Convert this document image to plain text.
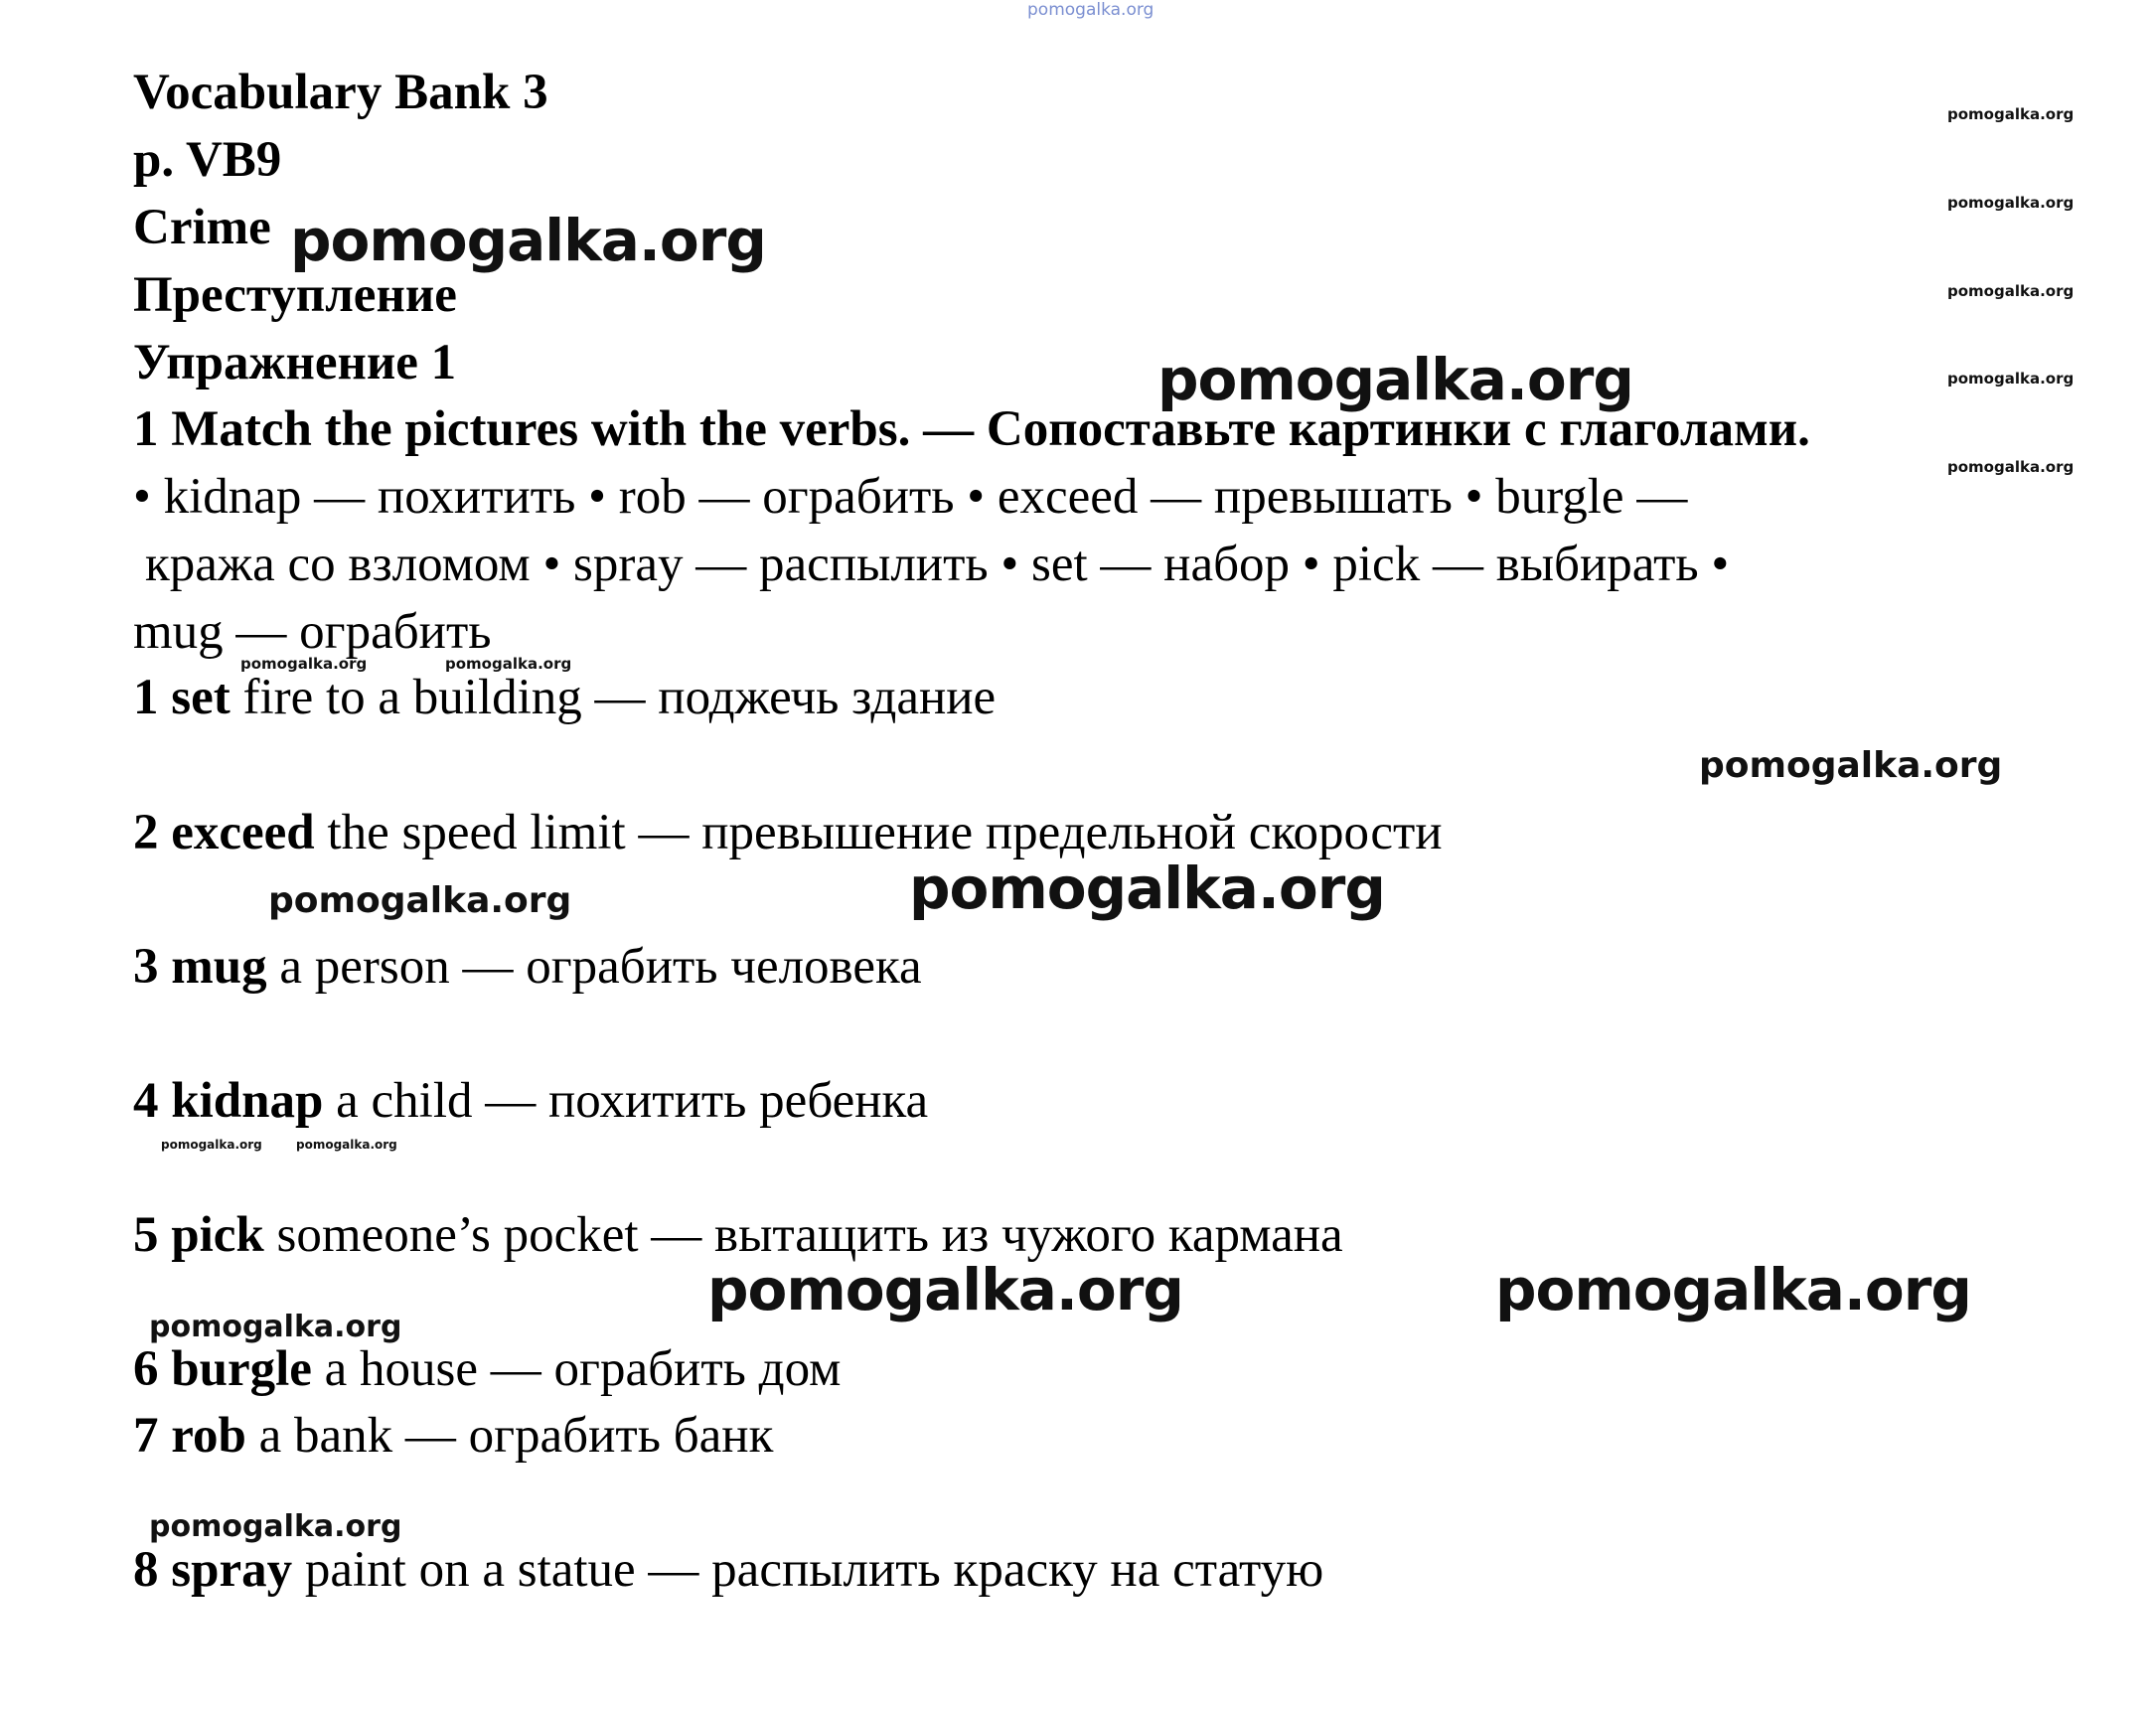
Vocabulary Bank 3
p. VB9
Crime
Преступление
Упражнение 1
1 Match the pictures with the verbs. — Сопоставьте картинки с глаголами.
• kidnap — похитить • rob — ограбить • exceed — превышать • burgle —
кража со взломом • spray — распылить • set — набор • pick — выбирать •
mug — ограбить
1 set fire to a building — поджечь здание
2 exceed the speed limit — превышение предельной скорости
3 mug a person — ограбить человека
4 kidnap a child — похитить ребенка
5 pick someone’s pocket — вытащить из чужого кармана
6 burgle a house — ограбить дом
7 rob a bank — ограбить банк
8 spray paint on a statue — распылить краску на статую
pomogalka.org
pomogalka.org
pomogalka.org
pomogalka.org
pomogalka.org
pomogalka.org
pomogalka.org
pomogalka.org
pomogalka.org
pomogalka.org	pomogalka.org
pomogalka.org
pomogalka.org
pomogalka.org
pomogalka.org
pomogalka.org	pomogalka.org
pomogalka.org	pomogalka.org
